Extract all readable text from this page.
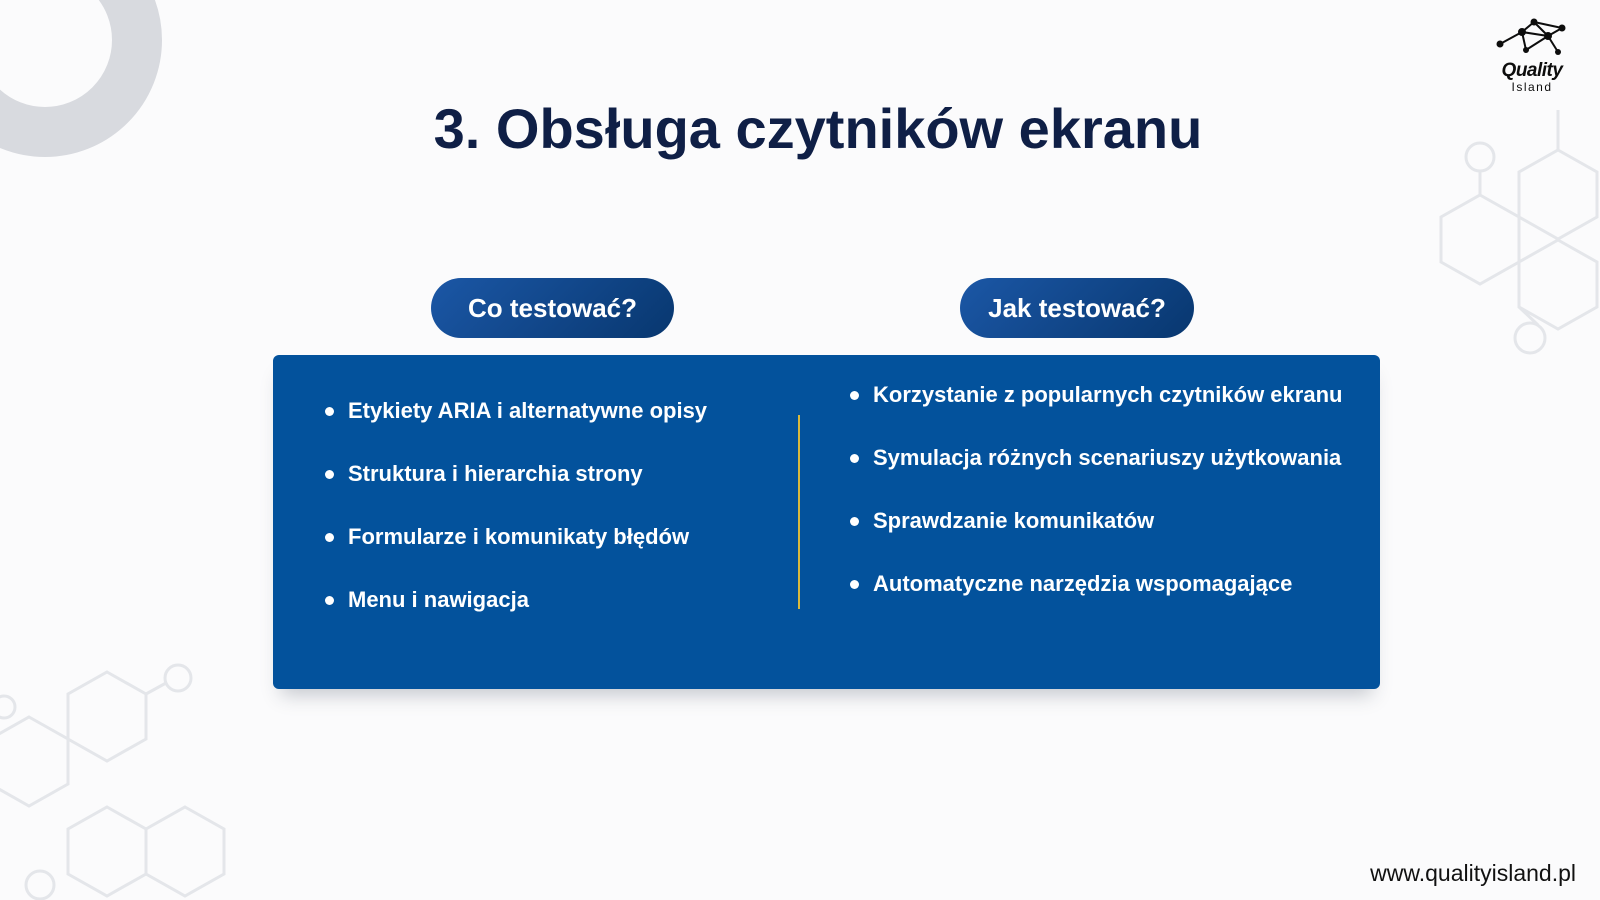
Quality
Island
3. Obsługa czytników ekranu
Co testować?	Jak testować?
Etykiety ARIA i alternatywne opisy
Struktura i hierarchia strony
Formularze i komunikaty błędów
Menu i nawigacja
Korzystanie z popularnych czytników ekranu
Symulacja różnych scenariuszy użytkowania
Sprawdzanie komunikatów
Automatyczne narzędzia wspomagające
www.qualityisland.pl
